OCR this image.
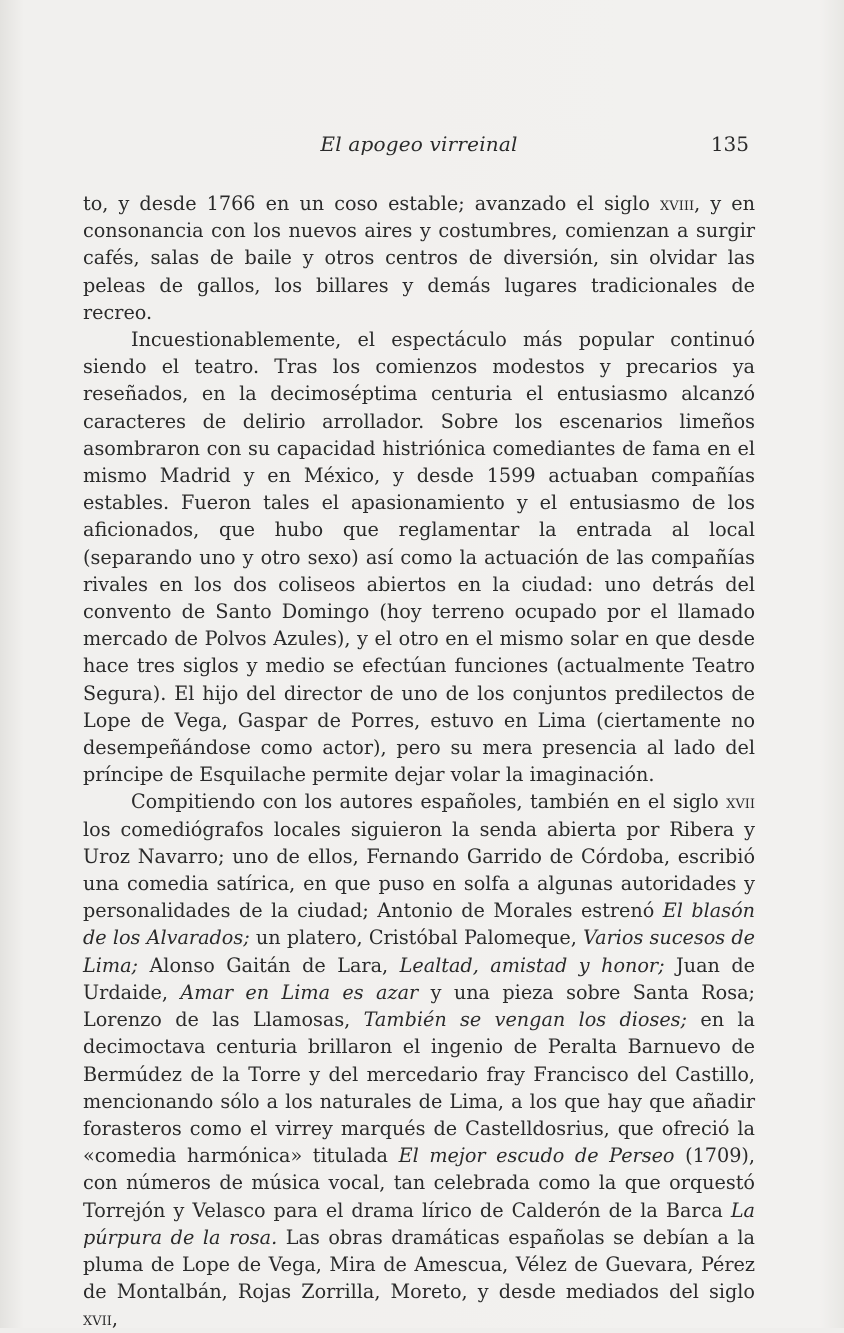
El apogeo virreinal	135

to, y desde 1766 en un coso estable; avanzado el siglo xviii, y en consonancia con los nuevos aires y costumbres, comienzan a surgir cafés, salas de baile y otros centros de diversión, sin olvidar las peleas de gallos, los billares y demás lugares tradicionales de recreo.

Incuestionablemente, el espectáculo más popular continuó siendo el teatro. Tras los comienzos modestos y precarios ya reseñados, en la decimoséptima centuria el entusiasmo alcanzó caracteres de delirio arrollador. Sobre los escenarios limeños asombraron con su capacidad histriónica comediantes de fama en el mismo Madrid y en México, y desde 1599 actuaban compañías estables. Fueron tales el apasionamiento y el entusiasmo de los aficionados, que hubo que reglamentar la entrada al local (separando uno y otro sexo) así como la actuación de las compañías rivales en los dos coliseos abiertos en la ciudad: uno detrás del convento de Santo Domingo (hoy terreno ocupado por el llamado mercado de Polvos Azules), y el otro en el mismo solar en que desde hace tres siglos y medio se efectúan funciones (actualmente Teatro Segura). El hijo del director de uno de los conjuntos predilectos de Lope de Vega, Gaspar de Porres, estuvo en Lima (ciertamente no desempeñándose como actor), pero su mera presencia al lado del príncipe de Esquilache permite dejar volar la imaginación.

Compitiendo con los autores españoles, también en el siglo xvii los comediógrafos locales siguieron la senda abierta por Ribera y Uroz Navarro; uno de ellos, Fernando Garrido de Córdoba, escribió una comedia satírica, en que puso en solfa a algunas autoridades y personalidades de la ciudad; Antonio de Morales estrenó El blasón de los Alvarados; un platero, Cristóbal Palomeque, Varios sucesos de Lima; Alonso Gaitán de Lara, Lealtad, amistad y honor; Juan de Urdaide, Amar en Lima es azar y una pieza sobre Santa Rosa; Lorenzo de las Llamosas, También se vengan los dioses; en la decimoctava centuria brillaron el ingenio de Peralta Barnuevo de Bermúdez de la Torre y del mercedario fray Francisco del Castillo, mencionando sólo a los naturales de Lima, a los que hay que añadir forasteros como el virrey marqués de Castelldosrius, que ofreció la «comedia harmónica» titulada El mejor escudo de Perseo (1709), con números de música vocal, tan celebrada como la que orquestó Torrejón y Velasco para el drama lírico de Calderón de la Barca La púrpura de la rosa. Las obras dramáticas españolas se debían a la pluma de Lope de Vega, Mira de Amescua, Vélez de Guevara, Pérez de Montalbán, Rojas Zorrilla, Moreto, y desde mediados del siglo xvii,
